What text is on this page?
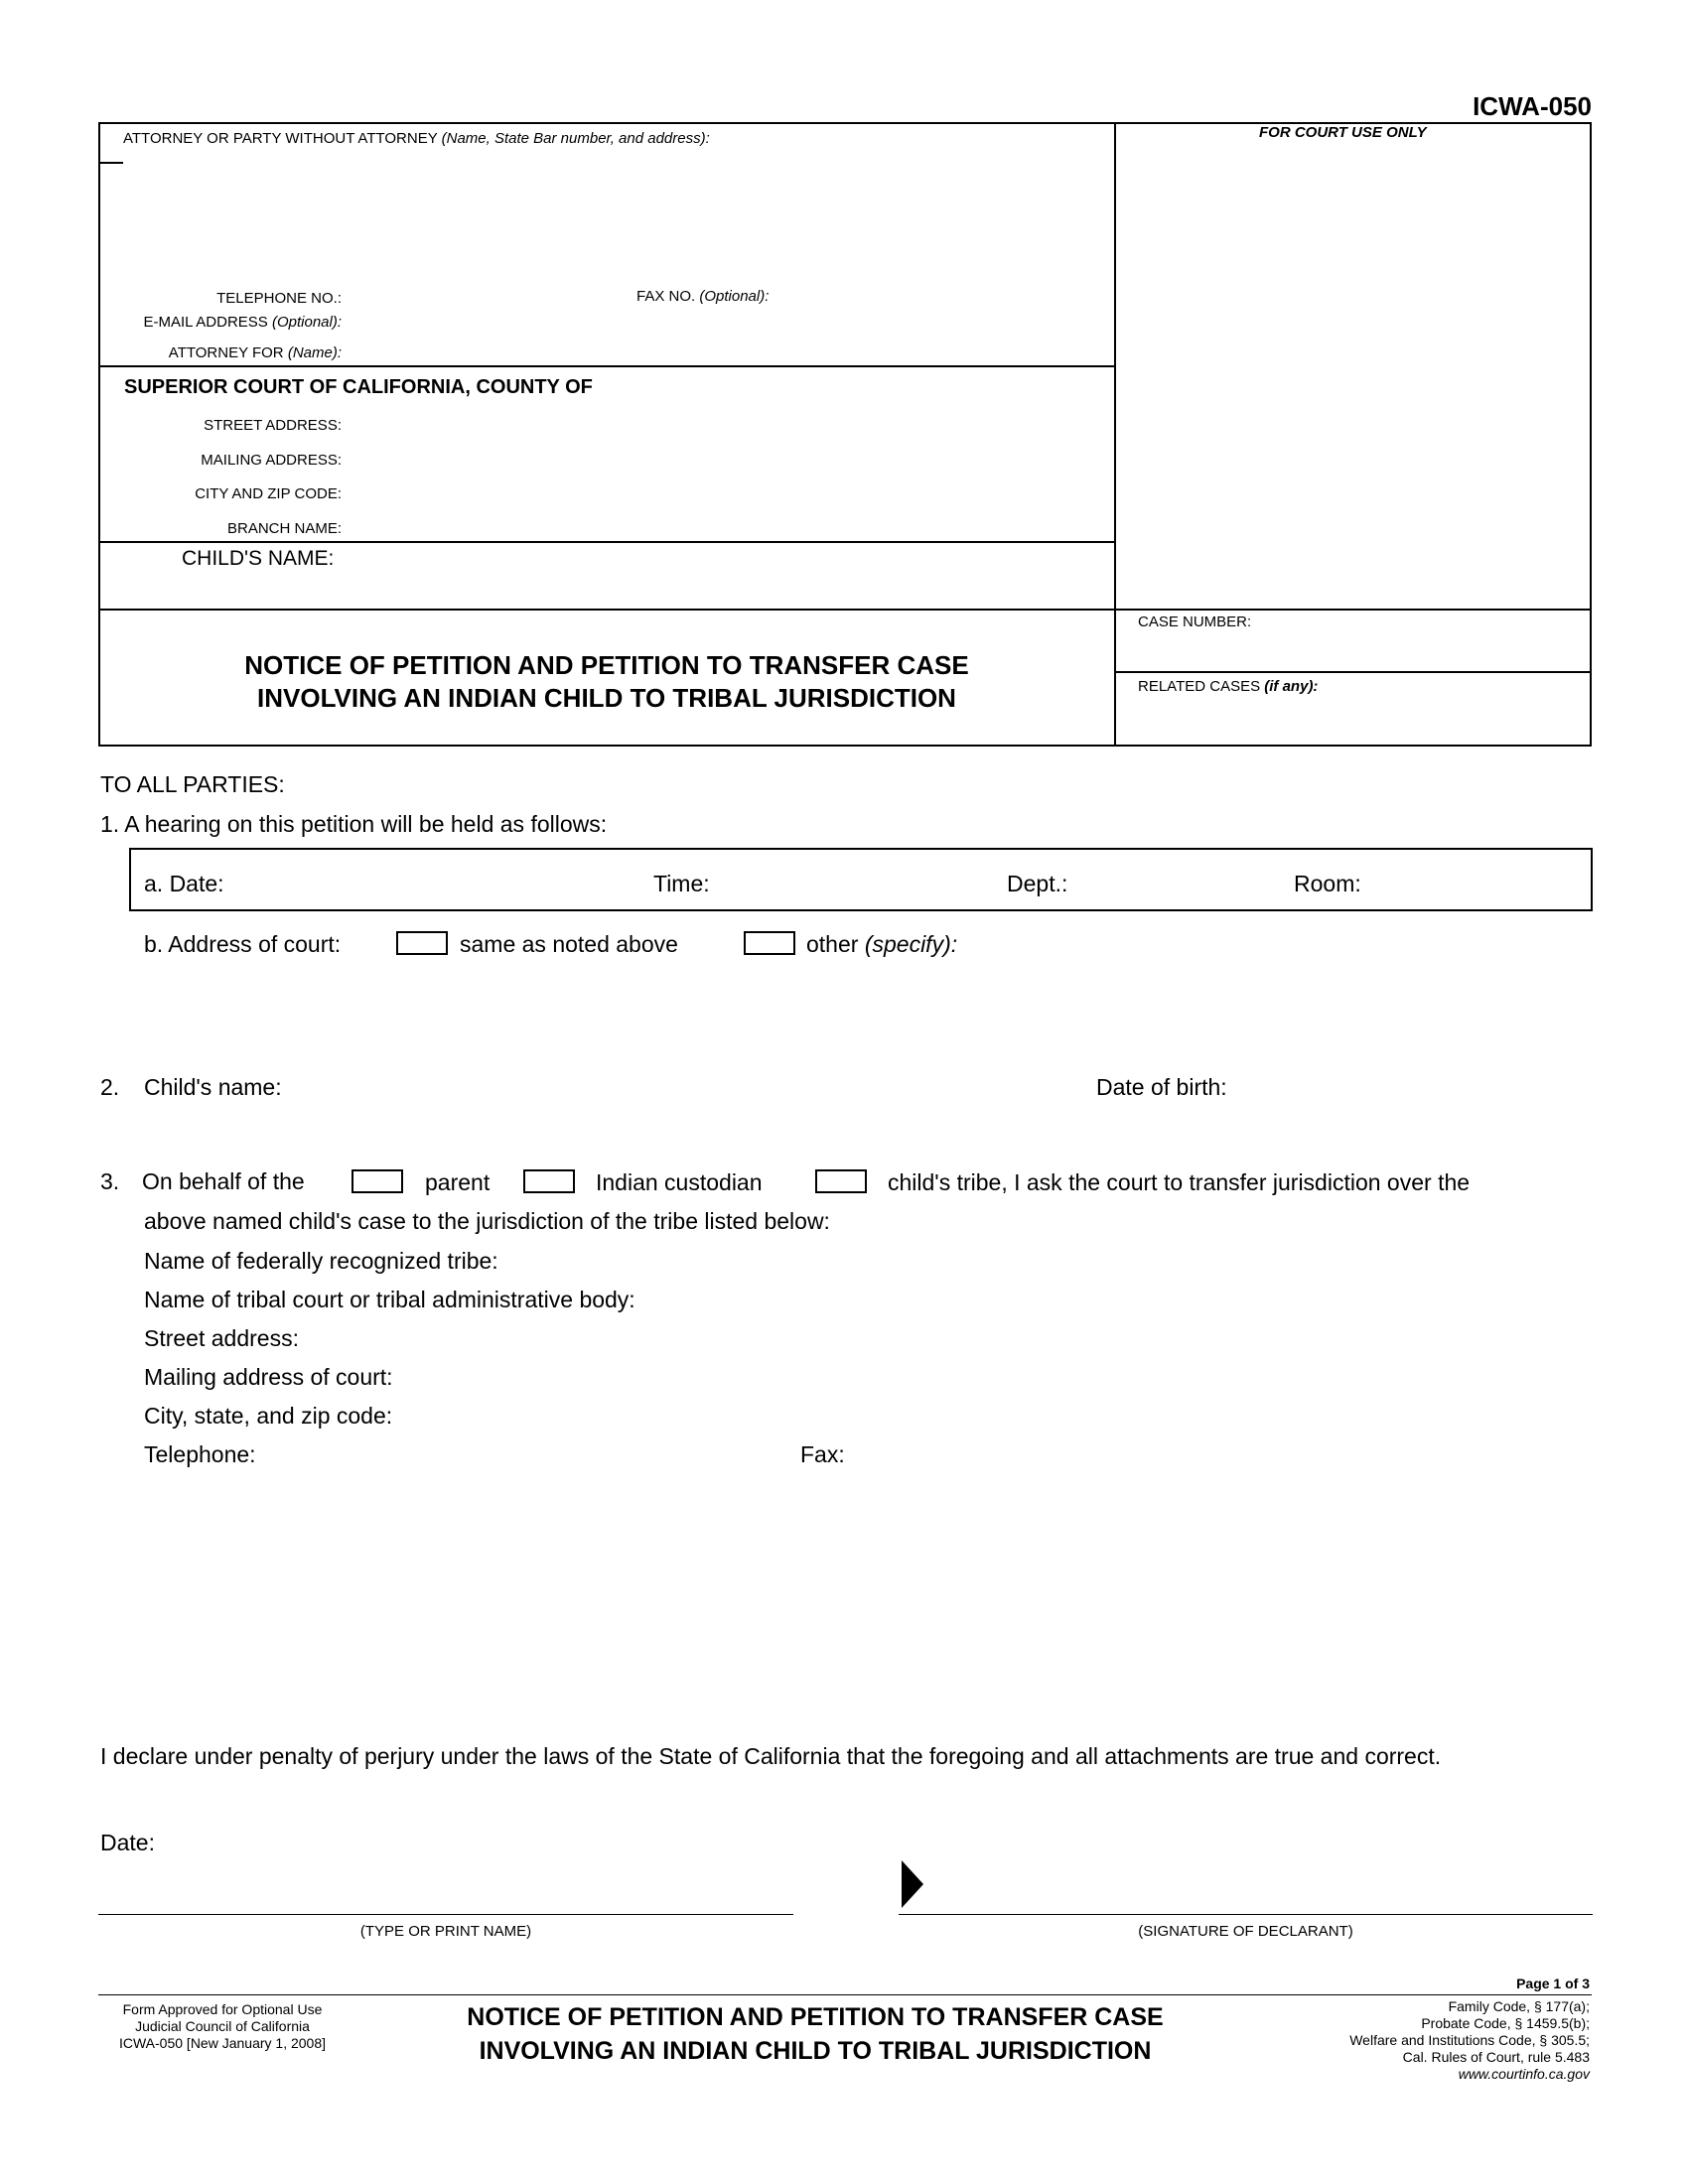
ICWA-050
ATTORNEY OR PARTY WITHOUT ATTORNEY (Name, State Bar number, and address):	FOR COURT USE ONLY
TELEPHONE NO.:	FAX NO. (Optional):
E-MAIL ADDRESS (Optional):
ATTORNEY FOR (Name):
SUPERIOR COURT OF CALIFORNIA, COUNTY OF
STREET ADDRESS:
MAILING ADDRESS:
CITY AND ZIP CODE:
BRANCH NAME:
CHILD'S NAME:
NOTICE OF PETITION AND PETITION TO TRANSFER CASE
INVOLVING AN INDIAN CHILD TO TRIBAL JURISDICTION
CASE NUMBER:
RELATED CASES (if any):
TO ALL PARTIES:
1. A hearing on this petition will be held as follows:
a. Date:	Time:	Dept.:	Room:
b. Address of court:	same as noted above	other (specify):
2. Child's name:	Date of birth:
3. On behalf of the	parent	Indian custodian	child's tribe, I ask the court to transfer jurisdiction over the
above named child's case to the jurisdiction of the tribe listed below:
Name of federally recognized tribe:
Name of tribal court or tribal administrative body:
Street address:
Mailing address of court:
City, state, and zip code:
Telephone:	Fax:
I declare under penalty of perjury under the laws of the State of California that the foregoing and all attachments are true and correct.
Date:
(TYPE OR PRINT NAME)	(SIGNATURE OF DECLARANT)
Page 1 of 3
Form Approved for Optional Use
Judicial Council of California
ICWA-050 [New January 1, 2008]
NOTICE OF PETITION AND PETITION TO TRANSFER CASE
INVOLVING AN INDIAN CHILD TO TRIBAL JURISDICTION
Family Code, § 177(a);
Probate Code, § 1459.5(b);
Welfare and Institutions Code, § 305.5;
Cal. Rules of Court, rule 5.483
www.courtinfo.ca.gov
